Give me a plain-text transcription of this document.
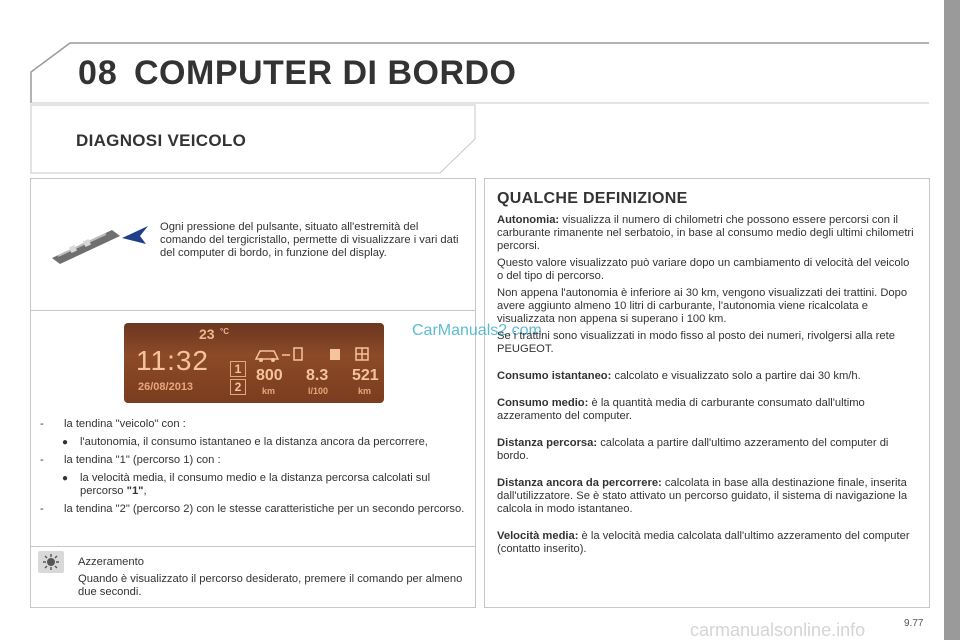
08 COMPUTER DI BORDO
DIAGNOSI VEICOLO
Ogni pressione del pulsante, situato all'estremità del comando del tergicristallo, permette di visualizzare i vari dati del computer di bordo, in funzione del display.
23 °C
11:32
26/08/2013
1
2
800
km
8.3
l/100
521
km
CarManuals2.com
- la tendina "veicolo" con :
● l'autonomia, il consumo istantaneo e la distanza ancora da percorrere,
- la tendina "1" (percorso 1) con :
● la velocità media, il consumo medio e la distanza percorsa calcolati sul percorso "1",
- la tendina "2" (percorso 2) con le stesse caratteristiche per un secondo percorso.
Azzeramento
Quando è visualizzato il percorso desiderato, premere il comando per almeno due secondi.
QUALCHE DEFINIZIONE

Autonomia: visualizza il numero di chilometri che possono essere percorsi con il carburante rimanente nel serbatoio, in base al consumo medio degli ultimi chilometri percorsi.

Questo valore visualizzato può variare dopo un cambiamento di velocità del veicolo o del tipo di percorso.

Non appena l'autonomia è inferiore ai 30 km, vengono visualizzati dei trattini. Dopo avere aggiunto almeno 10 litri di carburante, l'autonomia viene ricalcolata e visualizzata non appena si superano i 100 km.

Se i trattini sono visualizzati in modo fisso al posto dei numeri, rivolgersi alla rete PEUGEOT.

Consumo istantaneo: calcolato e visualizzato solo a partire dai 30 km/h.

Consumo medio: è la quantità media di carburante consumato dall'ultimo azzeramento del computer.

Distanza percorsa: calcolata a partire dall'ultimo azzeramento del computer di bordo.

Distanza ancora da percorrere: calcolata in base alla destinazione finale, inserita dall'utilizzatore. Se è stato attivato un percorso guidato, il sistema di navigazione la calcola in modo istantaneo.

Velocità media: è la velocità media calcolata dall'ultimo azzeramento del computer (contatto inserito).

carmanualsonline.info	9.77
